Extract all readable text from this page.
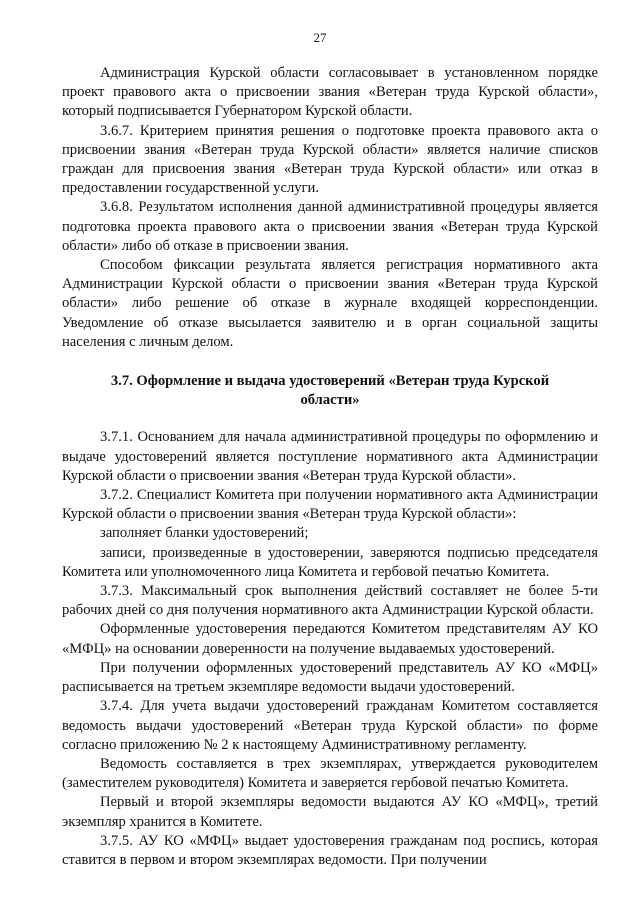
27

Администрация Курской области согласовывает в установленном порядке проект правового акта о присвоении звания «Ветеран труда Курской области», который подписывается Губернатором Курской области.

3.6.7. Критерием принятия решения о подготовке проекта правового акта о присвоении звания «Ветеран труда Курской области» является наличие списков граждан для присвоения звания «Ветеран труда Курской области» или отказ в предоставлении государственной услуги.

3.6.8. Результатом исполнения данной административной процедуры является подготовка проекта правового акта о присвоении звания «Ветеран труда Курской области» либо об отказе в присвоении звания.

Способом фиксации результата является регистрация нормативного акта Администрации Курской области о присвоении звания «Ветеран труда Курской области» либо решение об отказе в журнале входящей корреспонденции. Уведомление об отказе высылается заявителю и в орган социальной защиты населения с личным делом.

3.7. Оформление и выдача удостоверений «Ветеран труда Курской области»

3.7.1. Основанием для начала административной процедуры по оформлению и выдаче удостоверений является поступление нормативного акта Администрации Курской области о присвоении звания «Ветеран труда Курской области».

3.7.2. Специалист Комитета при получении нормативного акта Администрации Курской области о присвоении звания «Ветеран труда Курской области»:

заполняет бланки удостоверений;

записи, произведенные в удостоверении, заверяются подписью председателя Комитета или уполномоченного лица Комитета и гербовой печатью Комитета.

3.7.3. Максимальный срок выполнения действий составляет не более 5-ти рабочих дней со дня получения нормативного акта Администрации Курской области.

Оформленные удостоверения передаются Комитетом представителям АУ КО «МФЦ» на основании доверенности на получение выдаваемых удостоверений.

При получении оформленных удостоверений представитель АУ КО «МФЦ» расписывается на третьем экземпляре ведомости выдачи удостоверений.

3.7.4. Для учета выдачи удостоверений гражданам Комитетом составляется ведомость выдачи удостоверений «Ветеран труда Курской области» по форме согласно приложению № 2 к настоящему Административному регламенту.

Ведомость составляется в трех экземплярах, утверждается руководителем (заместителем руководителя) Комитета и заверяется гербовой печатью Комитета.

Первый и второй экземпляры ведомости выдаются АУ КО «МФЦ», третий экземпляр хранится в Комитете.

3.7.5. АУ КО «МФЦ» выдает удостоверения гражданам под роспись, которая ставится в первом и втором экземплярах ведомости. При получении
